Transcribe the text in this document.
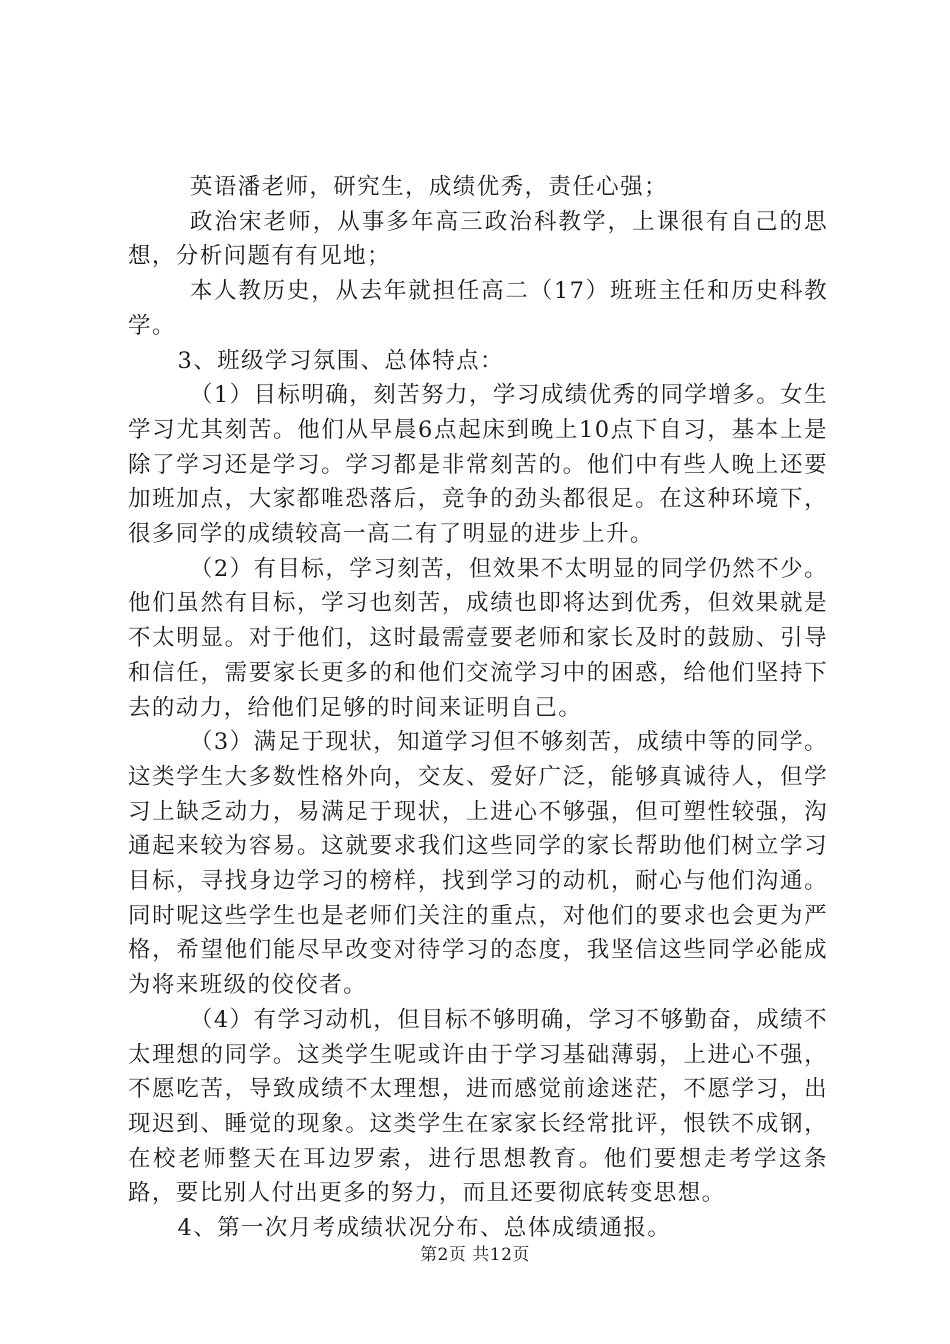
英语潘老师，研究生，成绩优秀，责任心强；

政治宋老师，从事多年高三政治科教学，上课很有自己的思想，分析问题有有见地；

本人教历史，从去年就担任高二（17）班班主任和历史科教学。

3、班级学习氛围、总体特点：

（1）目标明确，刻苦努力，学习成绩优秀的同学增多。女生学习尤其刻苦。他们从早晨6点起床到晚上10点下自习，基本上是除了学习还是学习。学习都是非常刻苦的。他们中有些人晚上还要加班加点，大家都唯恐落后，竞争的劲头都很足。在这种环境下，很多同学的成绩较高一高二有了明显的进步上升。

（2）有目标，学习刻苦，但效果不太明显的同学仍然不少。他们虽然有目标，学习也刻苦，成绩也即将达到优秀，但效果就是不太明显。对于他们，这时最需壹要老师和家长及时的鼓励、引导和信任，需要家长更多的和他们交流学习中的困惑，给他们坚持下去的动力，给他们足够的时间来证明自己。

（3）满足于现状，知道学习但不够刻苦，成绩中等的同学。这类学生大多数性格外向，交友、爱好广泛，能够真诚待人，但学习上缺乏动力，易满足于现状，上进心不够强，但可塑性较强，沟通起来较为容易。这就要求我们这些同学的家长帮助他们树立学习目标，寻找身边学习的榜样，找到学习的动机，耐心与他们沟通。同时呢这些学生也是老师们关注的重点，对他们的要求也会更为严格，希望他们能尽早改变对待学习的态度，我坚信这些同学必能成为将来班级的佼佼者。

（4）有学习动机，但目标不够明确，学习不够勤奋，成绩不太理想的同学。这类学生呢或许由于学习基础薄弱，上进心不强，不愿吃苦，导致成绩不太理想，进而感觉前途迷茫，不愿学习，出现迟到、睡觉的现象。这类学生在家家长经常批评，恨铁不成钢，在校老师整天在耳边罗索，进行思想教育。他们要想走考学这条路，要比别人付出更多的努力，而且还要彻底转变思想。

4、第一次月考成绩状况分布、总体成绩通报。

第2页 共12页
